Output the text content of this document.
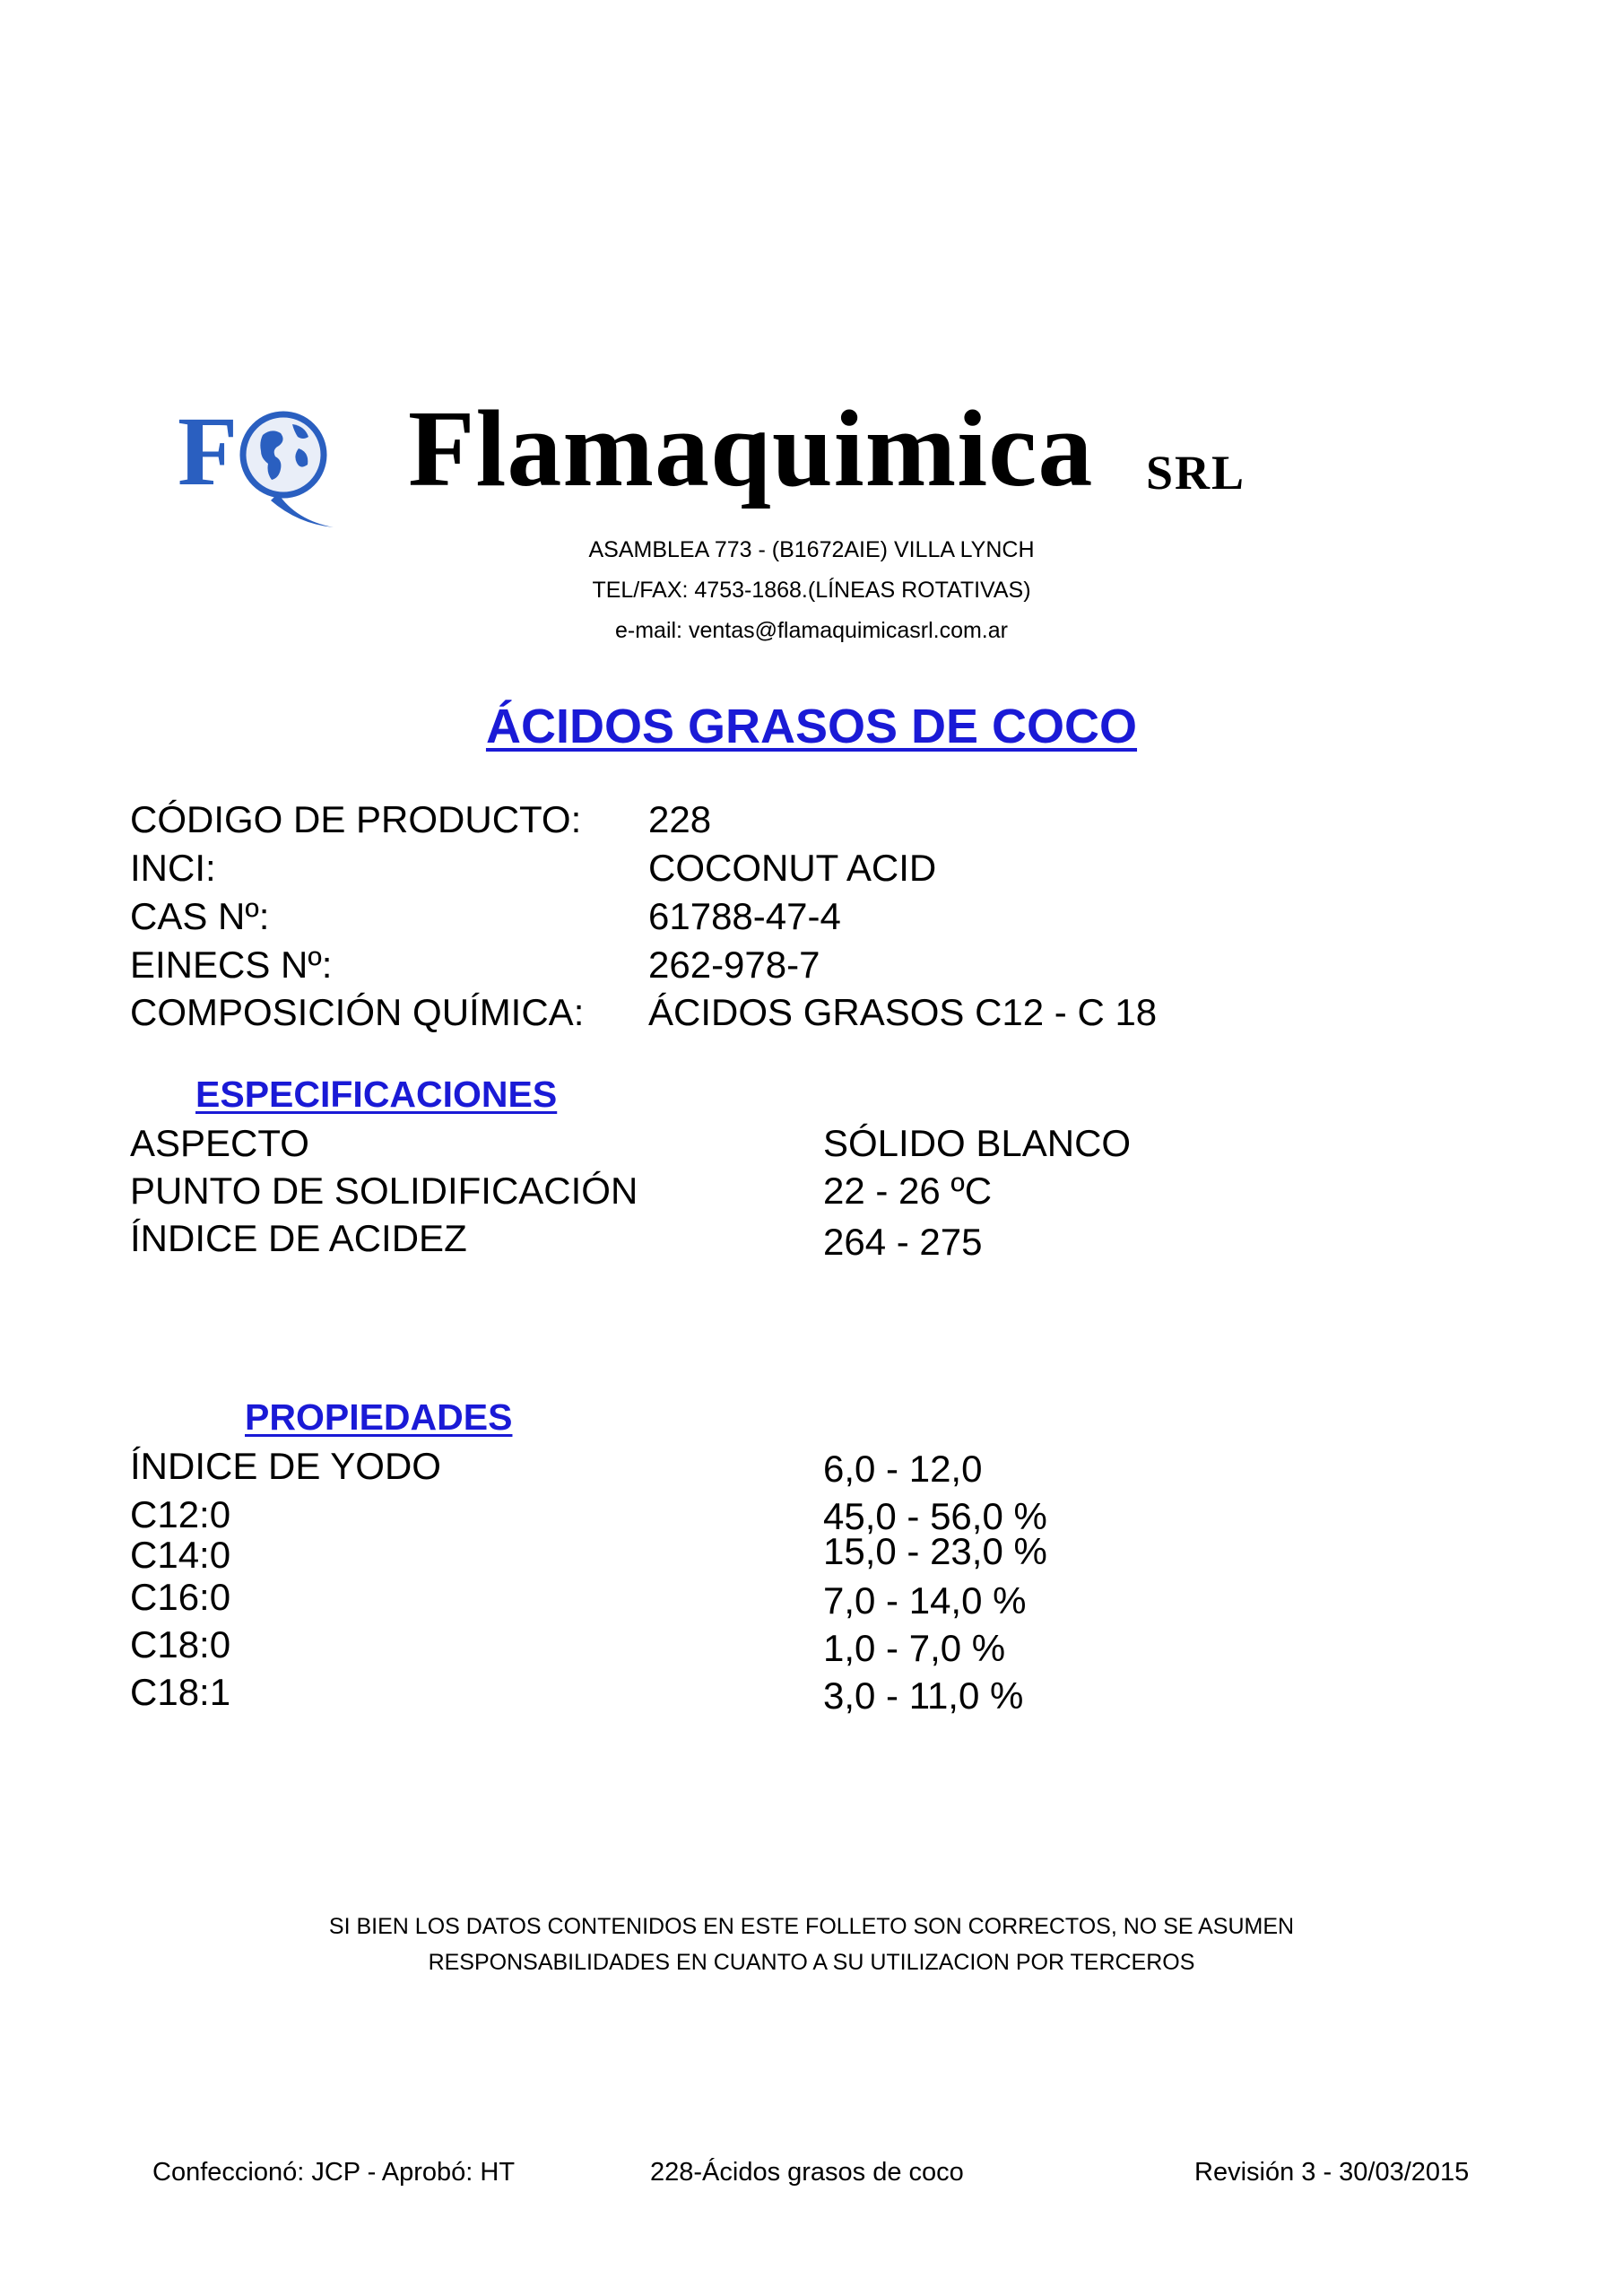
F Flamaquimica SRL
ASAMBLEA 773 - (B1672AIE) VILLA LYNCH
TEL/FAX: 4753-1868.(LÍNEAS ROTATIVAS)
e-mail: ventas@flamaquimicasrl.com.ar
ÁCIDOS GRASOS DE COCO
CÓDIGO DE PRODUCTO: 228
INCI:	COCONUT ACID
CAS Nº:	61788-47-4
EINECS Nº:	262-978-7
COMPOSICIÓN QUÍMICA: ÁCIDOS GRASOS C12 - C 18
ESPECIFICACIONES
ASPECTO	SÓLIDO BLANCO
PUNTO DE SOLIDIFICACIÓN	22 - 26 ºC
ÍNDICE DE ACIDEZ	264 - 275
PROPIEDADES
ÍNDICE DE YODO	6,0 - 12,0
C12:0	45,0 - 56,0 %
C14:0	15,0 - 23,0 %
C16:0	7,0 - 14,0 %
C18:0	1,0 - 7,0 %
C18:1	3,0 - 11,0 %
SI BIEN LOS DATOS CONTENIDOS EN ESTE FOLLETO SON CORRECTOS, NO SE ASUMEN
RESPONSABILIDADES EN CUANTO A SU UTILIZACION POR TERCEROS
Confeccionó: JCP - Aprobó: HT	228-Ácidos grasos de coco	Revisión 3 - 30/03/2015
